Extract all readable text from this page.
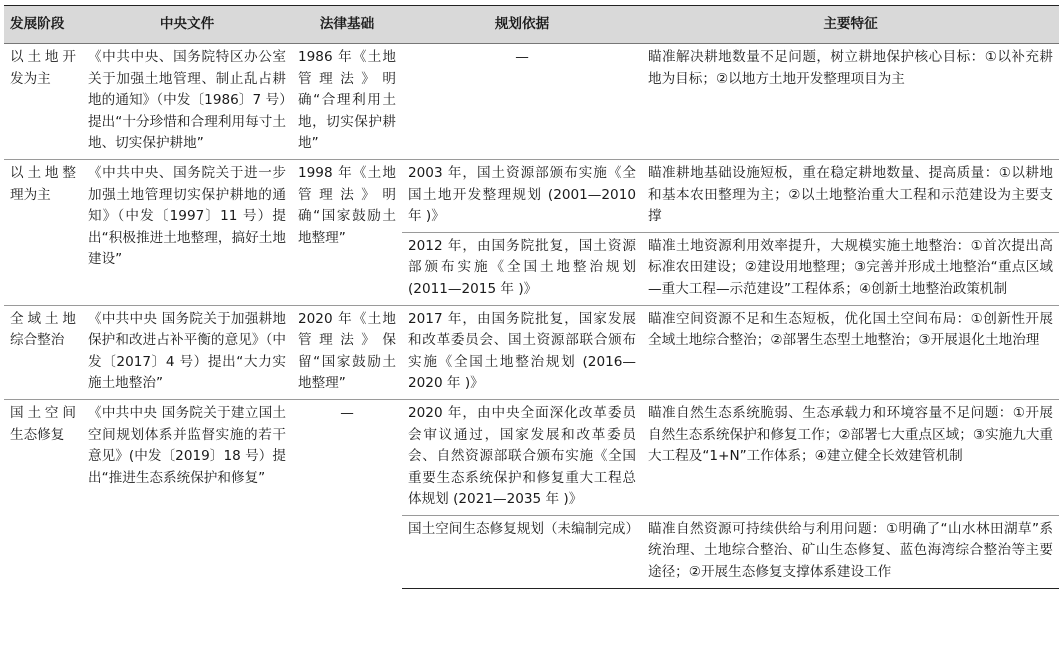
发展阶段	中央文件	法律基础	规划依据	主要特征
以土地开发为主	《中共中央、国务院特区办公室关于加强土地管理、制止乱占耕地的通知》（中发〔1986〕7 号）提出“十分珍惜和合理利用每寸土地、切实保护耕地”	1986 年《土地管理法》明确“合理利用土地，切实保护耕地”	—	瞄准解决耕地数量不足问题，树立耕地保护核心目标：①以补充耕地为目标；②以地方土地开发整理项目为主
以土地整理为主	《中共中央、国务院关于进一步加强土地管理切实保护耕地的通知》（中发〔1997〕11 号）提出“积极推进土地整理，搞好土地建设”	1998 年《土地管理法》明确“国家鼓励土地整理”	2003 年，国土资源部颁布实施《全国土地开发整理规划 (2001—2010 年 )》	瞄准耕地基础设施短板，重在稳定耕地数量、提高质量：①以耕地和基本农田整理为主；②以土地整治重大工程和示范建设为主要支撑
			2012 年，由国务院批复，国土资源部颁布实施《全国土地整治规划 (2011—2015 年 )》	瞄准土地资源利用效率提升，大规模实施土地整治：①首次提出高标准农田建设；②建设用地整理；③完善并形成土地整治“重点区域—重大工程—示范建设”工程体系；④创新土地整治政策机制
全域土地综合整治	《中共中央 国务院关于加强耕地保护和改进占补平衡的意见》（中发〔2017〕4 号）提出“大力实施土地整治”	2020 年《土地管理法》保留“国家鼓励土地整理”	2017 年，由国务院批复，国家发展和改革委员会、国土资源部联合颁布实施《全国土地整治规划 (2016—2020 年 )》	瞄准空间资源不足和生态短板，优化国土空间布局：①创新性开展全域土地综合整治；②部署生态型土地整治；③开展退化土地治理
国土空间生态修复	《中共中央 国务院关于建立国土空间规划体系并监督实施的若干意见》(中发〔2019〕18 号）提出“推进生态系统保护和修复”	—	2020 年，由中央全面深化改革委员会审议通过，国家发展和改革委员会、自然资源部联合颁布实施《全国重要生态系统保护和修复重大工程总体规划 (2021—2035 年 )》	瞄准自然生态系统脆弱、生态承载力和环境容量不足问题：①开展自然生态系统保护和修复工作；②部署七大重点区域；③实施九大重大工程及“1+N”工作体系；④建立健全长效建管机制
			国土空间生态修复规划（未编制完成）	瞄准自然资源可持续供给与利用问题：①明确了“山水林田湖草”系统治理、土地综合整治、矿山生态修复、蓝色海湾综合整治等主要途径；②开展生态修复支撑体系建设工作
